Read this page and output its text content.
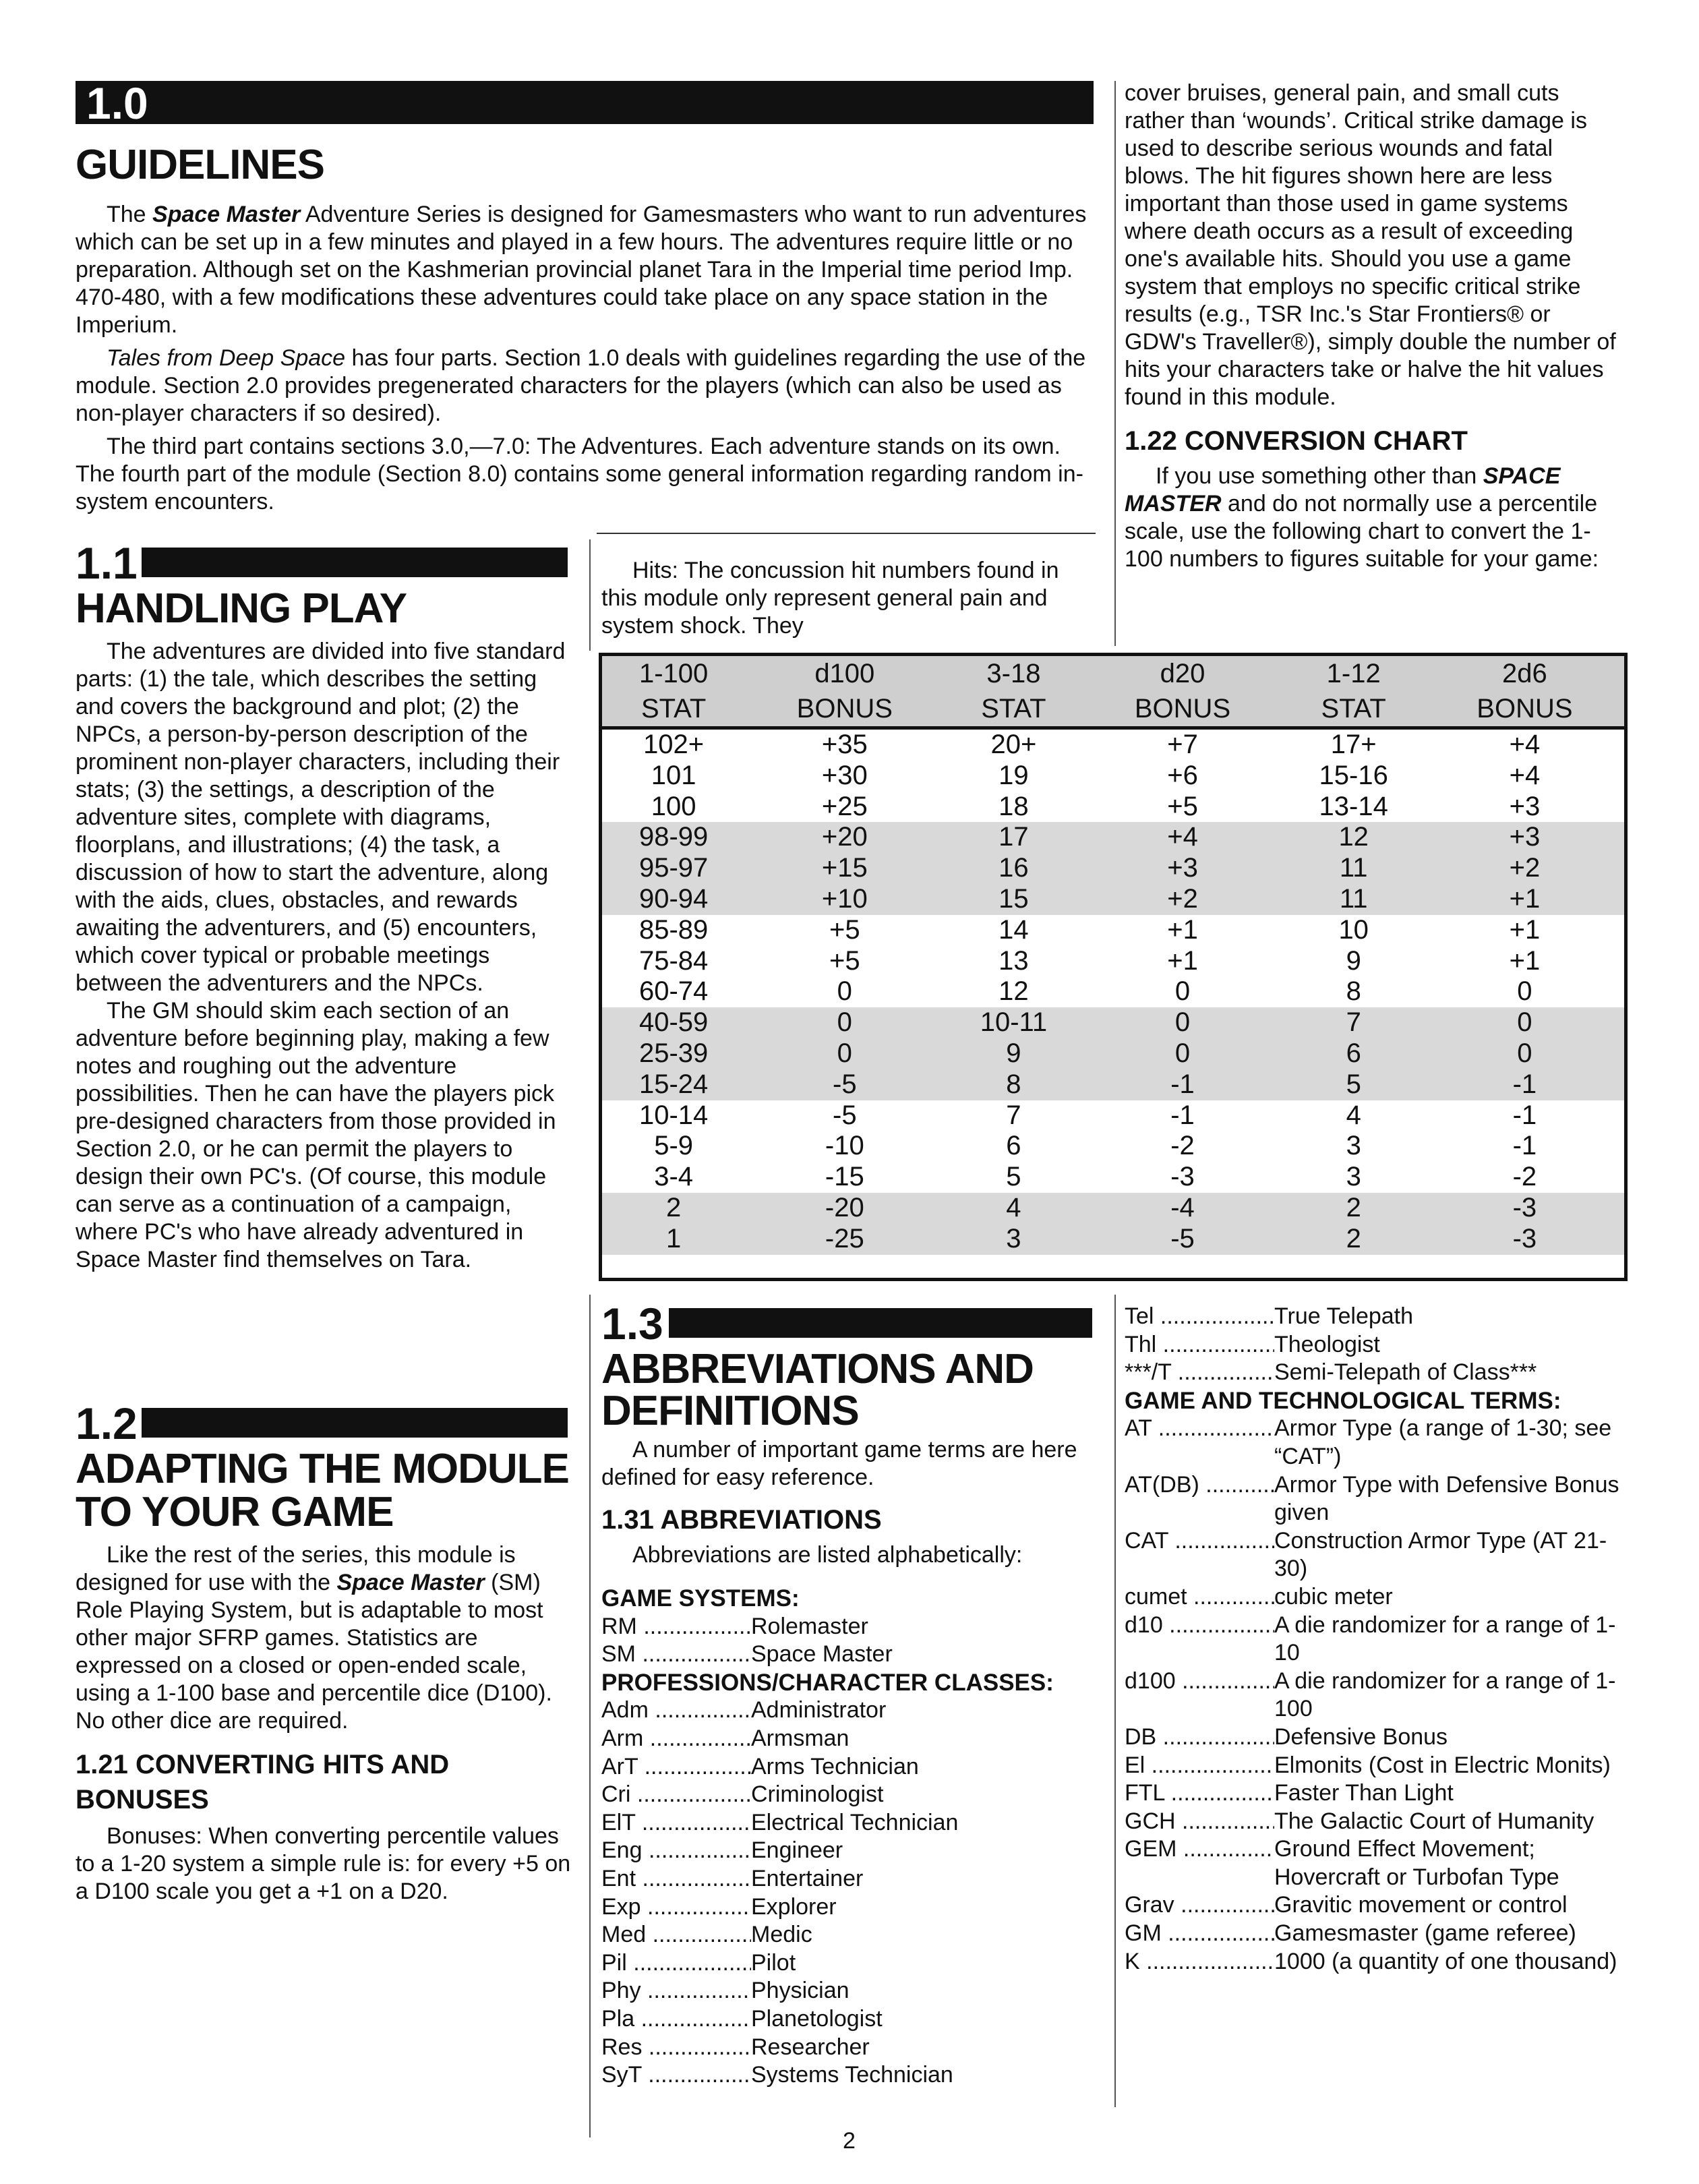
1.0
GUIDELINES

The Space Master Adventure Series is designed for Gamesmasters who want to run adventures which can be set up in a few minutes and played in a few hours. The adventures require little or no preparation. Although set on the Kashmerian provincial planet Tara in the Imperial time period Imp. 470-480, with a few modifications these adventures could take place on any space station in the Imperium.

Tales from Deep Space has four parts. Section 1.0 deals with guidelines regarding the use of the module. Section 2.0 provides pregenerated characters for the players (which can also be used as non-player characters if so desired).

The third part contains sections 3.0,—7.0: The Adventures. Each adventure stands on its own. The fourth part of the module (Section 8.0) contains some general information regarding random in-system encounters.

1.1
HANDLING PLAY

The adventures are divided into five standard parts: (1) the tale, which describes the setting and covers the background and plot; (2) the NPCs, a person-by-person description of the prominent non-player characters, including their stats; (3) the settings, a description of the adventure sites, complete with diagrams, floorplans, and illustrations; (4) the task, a discussion of how to start the adventure, along with the aids, clues, obstacles, and rewards awaiting the adventurers, and (5) encounters, which cover typical or probable meetings between the adventurers and the NPCs.

The GM should skim each section of an adventure before beginning play, making a few notes and roughing out the adventure possibilities. Then he can have the players pick pre-designed characters from those provided in Section 2.0, or he can permit the players to design their own PC's. (Of course, this module can serve as a continuation of a campaign, where PC's who have already adventured in Space Master find themselves on Tara.

1.2
ADAPTING THE MODULE
TO YOUR GAME

Like the rest of the series, this module is designed for use with the Space Master (SM) Role Playing System, but is adaptable to most other major SFRP games. Statistics are expressed on a closed or open-ended scale, using a 1-100 base and percentile dice (D100). No other dice are required.

1.21 CONVERTING HITS AND BONUSES

Bonuses: When converting percentile values to a 1-20 system a simple rule is: for every +5 on a D100 scale you get a +1 on a D20.

Hits: The concussion hit numbers found in this module only represent general pain and system shock. They

cover bruises, general pain, and small cuts rather than ‘wounds’. Critical strike damage is used to describe serious wounds and fatal blows. The hit figures shown here are less important than those used in game systems where death occurs as a result of exceeding one's available hits. Should you use a game system that employs no specific critical strike results (e.g., TSR Inc.'s Star Frontiers® or GDW's Traveller®), simply double the number of hits your characters take or halve the hit values found in this module.

1.22 CONVERSION CHART

If you use something other than SPACE MASTER and do not normally use a percentile scale, use the following chart to convert the 1-100 numbers to figures suitable for your game:

1-100	d100	3-18	d20	1-12	2d6
STAT	BONUS	STAT	BONUS	STAT	BONUS
102+	+35	20+	+7	17+	+4
101	+30	19	+6	15-16	+4
100	+25	18	+5	13-14	+3
98-99	+20	17	+4	12	+3
95-97	+15	16	+3	11	+2
90-94	+10	15	+2	11	+1
85-89	+5	14	+1	10	+1
75-84	+5	13	+1	9	+1
60-74	0	12	0	8	0
40-59	0	10-11	0	7	0
25-39	0	9	0	6	0
15-24	-5	8	-1	5	-1
10-14	-5	7	-1	4	-1
5-9	-10	6	-2	3	-1
3-4	-15	5	-3	3	-2
2	-20	4	-4	2	-3
1	-25	3	-5	2	-3
1.3
ABBREVIATIONS AND
DEFINITIONS

A number of important game terms are here defined for easy reference.

1.31 ABBREVIATIONS

Abbreviations are listed alphabetically:

GAME SYSTEMS:
RM .....	Rolemaster
SM .....	Space Master
PROFESSIONS/CHARACTER CLASSES:
Adm .....	Administrator
Arm .....	Armsman
ArT .....	Arms Technician
Cri .....	Criminologist
ElT .....	Electrical Technician
Eng .....	Engineer
Ent .....	Entertainer
Exp .....	Explorer
Med .....	Medic
Pil .....	Pilot
Phy .....	Physician
Pla .....	Planetologist
Res .....	Researcher
SyT .....	Systems Technician
Tel .....	True Telepath
Thl .....	Theologist
***/T .....	Semi-Telepath of Class***
GAME AND TECHNOLOGICAL TERMS:
AT .....	Armor Type (a range of 1-30; see “CAT”)
AT(DB) .....	Armor Type with Defensive Bonus given
CAT .....	Construction Armor Type (AT 21-30)
cumet .....	cubic meter
d10 .....	A die randomizer for a range of 1-10
d100 .....	A die randomizer for a range of 1-100
DB .....	Defensive Bonus
El .....	Elmonits (Cost in Electric Monits)
FTL .....	Faster Than Light
GCH .....	The Galactic Court of Humanity
GEM .....	Ground Effect Movement; Hovercraft or Turbofan Type
Grav .....	Gravitic movement or control
GM .....	Gamesmaster (game referee)
K .....	1000 (a quantity of one thousand)
2
